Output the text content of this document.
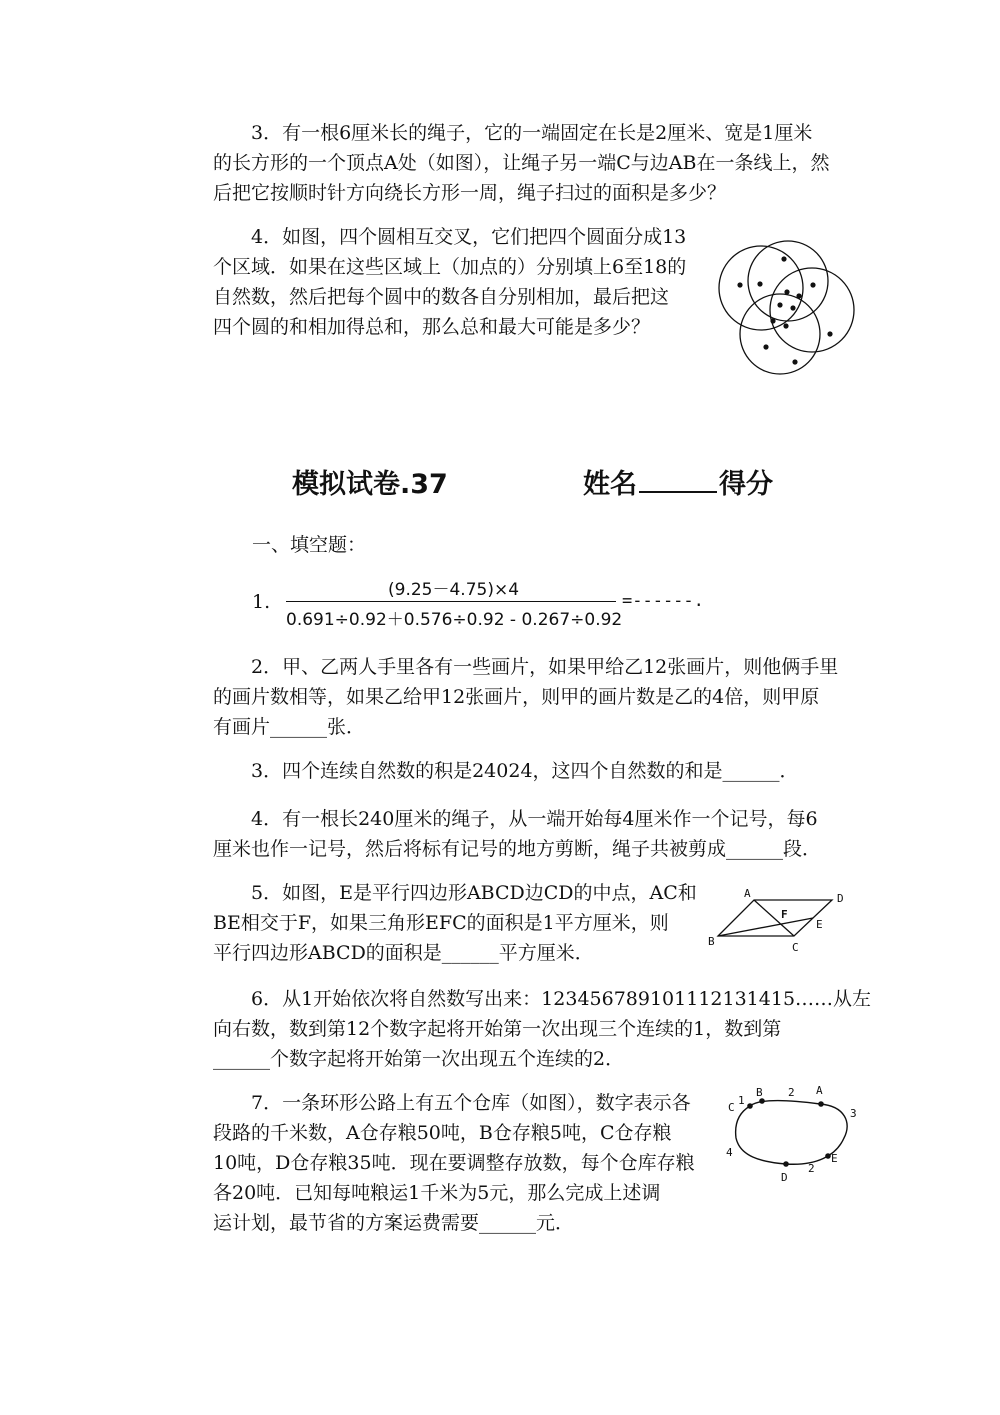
3．有一根6厘米长的绳子，它的一端固定在长是2厘米、宽是1厘米
的长方形的一个顶点A处（如图），让绳子另一端C与边AB在一条线上，然
后把它按顺时针方向绕长方形一周，绳子扫过的面积是多少？
4．如图，四个圆相互交叉，它们把四个圆面分成13
个区域．如果在这些区域上（加点的）分别填上6至18的
自然数，然后把每个圆中的数各自分别相加，最后把这
四个圆的和相加得总和，那么总和最大可能是多少？
模拟试卷.37	姓名	得分
一、填空题：
1.
(9.25－4.75)×4
0.691÷0.92＋0.576÷0.92 - 0.267÷0.92
=------.
2．甲、乙两人手里各有一些画片，如果甲给乙12张画片，则他俩手里
的画片数相等，如果乙给甲12张画片，则甲的画片数是乙的4倍，则甲原
有画片______张．
3．四个连续自然数的积是24024，这四个自然数的和是______．
4．有一根长240厘米的绳子，从一端开始每4厘米作一个记号，每6
厘米也作一记号，然后将标有记号的地方剪断，绳子共被剪成______段．
5．如图，E是平行四边形ABCD边CD的中点，AC和
BE相交于F，如果三角形EFC的面积是1平方厘米，则
平行四边形ABCD的面积是______平方厘米．
A	D
B	C
E
F
6．从1开始依次将自然数写出来：123456789101112131415……从左
向右数，数到第12个数字起将开始第一次出现三个连续的1，数到第
______个数字起将开始第一次出现五个连续的2．
7．一条环形公路上有五个仓库（如图），数字表示各
段路的千米数，A仓存粮50吨，B仓存粮5吨，C仓存粮
10吨，D仓存粮35吨．现在要调整存放数，每个仓库存粮
各20吨．已知每吨粮运1千米为5元，那么完成上述调
运计划，最节省的方案运费需要______元．
C
1
B 2 A
3
E
2
D
4
